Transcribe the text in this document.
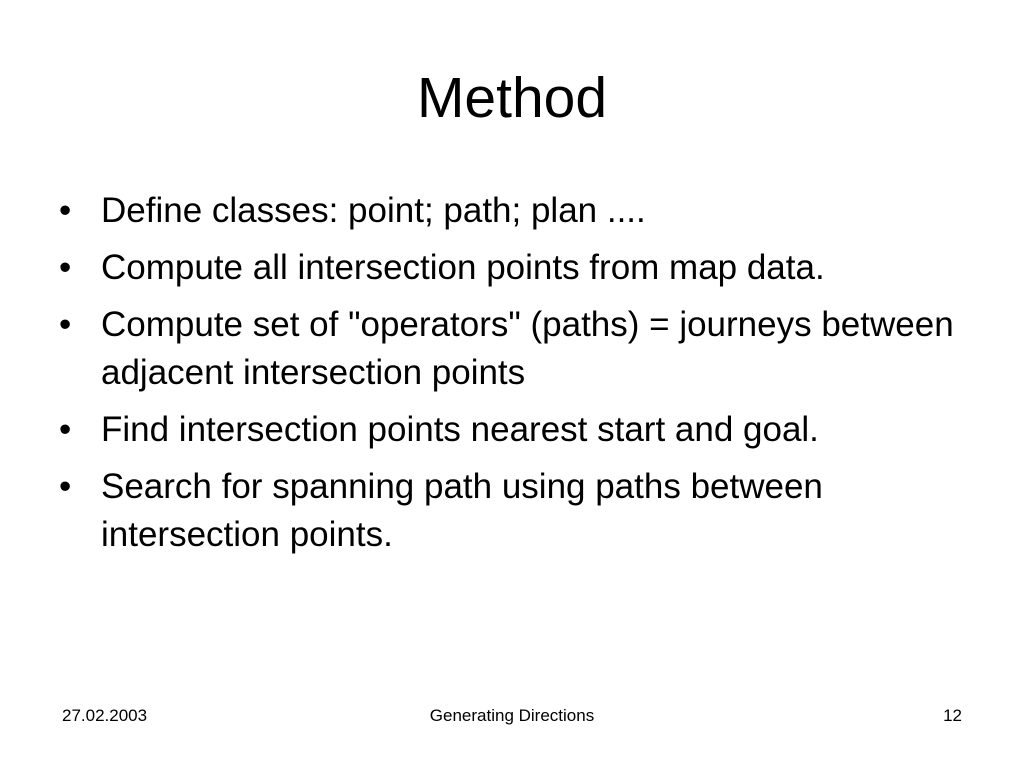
Method
• Define classes: point; path; plan ....
• Compute all intersection points from map data.
• Compute set of "operators" (paths) = journeys between adjacent intersection points
• Find intersection points nearest start and goal.
• Search for spanning path using paths between intersection points.
27.02.2003	Generating Directions	12
